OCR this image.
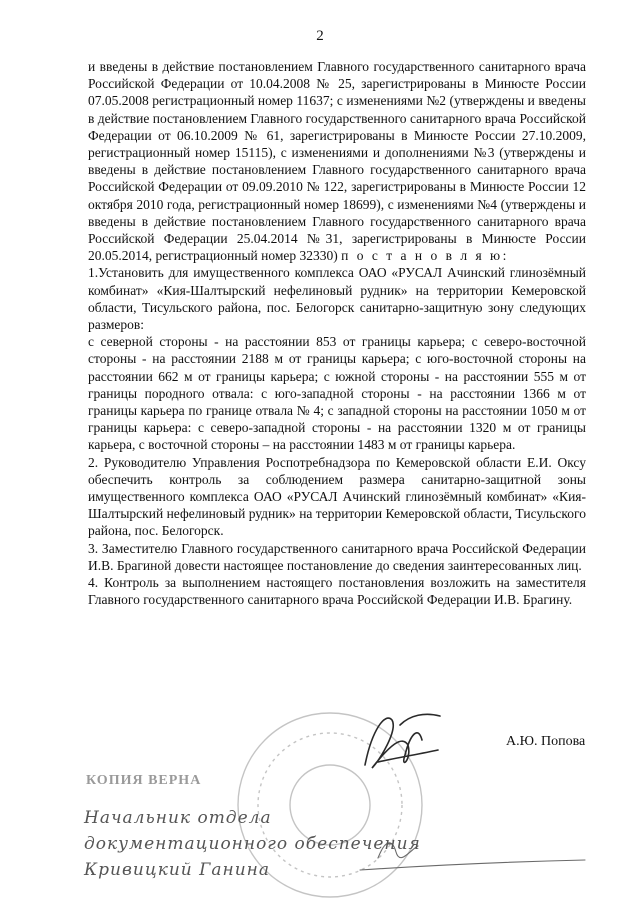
2

и введены в действие постановлением Главного государственного санитарного врача Российской Федерации от 10.04.2008 № 25, зарегистрированы в Минюсте России 07.05.2008 регистрационный номер 11637; с изменениями №2 (утверждены и введены в действие постановлением Главного государственного санитарного врача Российской Федерации от 06.10.2009 № 61, зарегистрированы в Минюсте России 27.10.2009, регистрационный номер 15115), с изменениями и дополнениями №3 (утверждены и введены в действие постановлением Главного государственного санитарного врача Российской Федерации от 09.09.2010 № 122, зарегистрированы в Минюсте России 12 октября 2010 года, регистрационный номер 18699), с изменениями №4 (утверждены и введены в действие постановлением Главного государственного санитарного врача Российской Федерации 25.04.2014 №31, зарегистрированы в Минюсте России 20.05.2014, регистрационный номер 32330) п о с т а н о в л я ю:

1.Установить для имущественного комплекса ОАО «РУСАЛ Ачинский глинозёмный комбинат» «Кия-Шалтырский нефелиновый рудник» на территории Кемеровской области, Тисульского района, пос. Белогорск санитарно-защитную зону следующих размеров:

с северной стороны - на расстоянии 853 от границы карьера; с северо-восточной стороны - на расстоянии 2188 м от границы карьера; с юго-восточной стороны на расстоянии 662 м от границы карьера; с южной стороны - на расстоянии 555 м от границы породного отвала: с юго-западной стороны - на расстоянии 1366 м от границы карьера по границе отвала № 4; с западной стороны на расстоянии 1050 м от границы карьера: с северо-западной стороны - на расстоянии 1320 м от границы карьера, с восточной стороны – на расстоянии 1483 м от границы карьера.

2. Руководителю Управления Роспотребнадзора по Кемеровской области Е.И. Оксу обеспечить контроль за соблюдением размера санитарно-защитной зоны имущественного комплекса ОАО «РУСАЛ Ачинский глинозёмный комбинат» «Кия-Шалтырский нефелиновый рудник» на территории Кемеровской области, Тисульского района, пос. Белогорск.

3. Заместителю Главного государственного санитарного врача Российской Федерации И.В. Брагиной довести настоящее постановление до сведения заинтересованных лиц.

4. Контроль за выполнением настоящего постановления возложить на заместителя Главного государственного санитарного врача Российской Федерации И.В. Брагину.

КОПИЯ ВЕРНА
Начальник отдела
документационного обеспечения
Кривицкий Ганина
А.Ю. Попова
